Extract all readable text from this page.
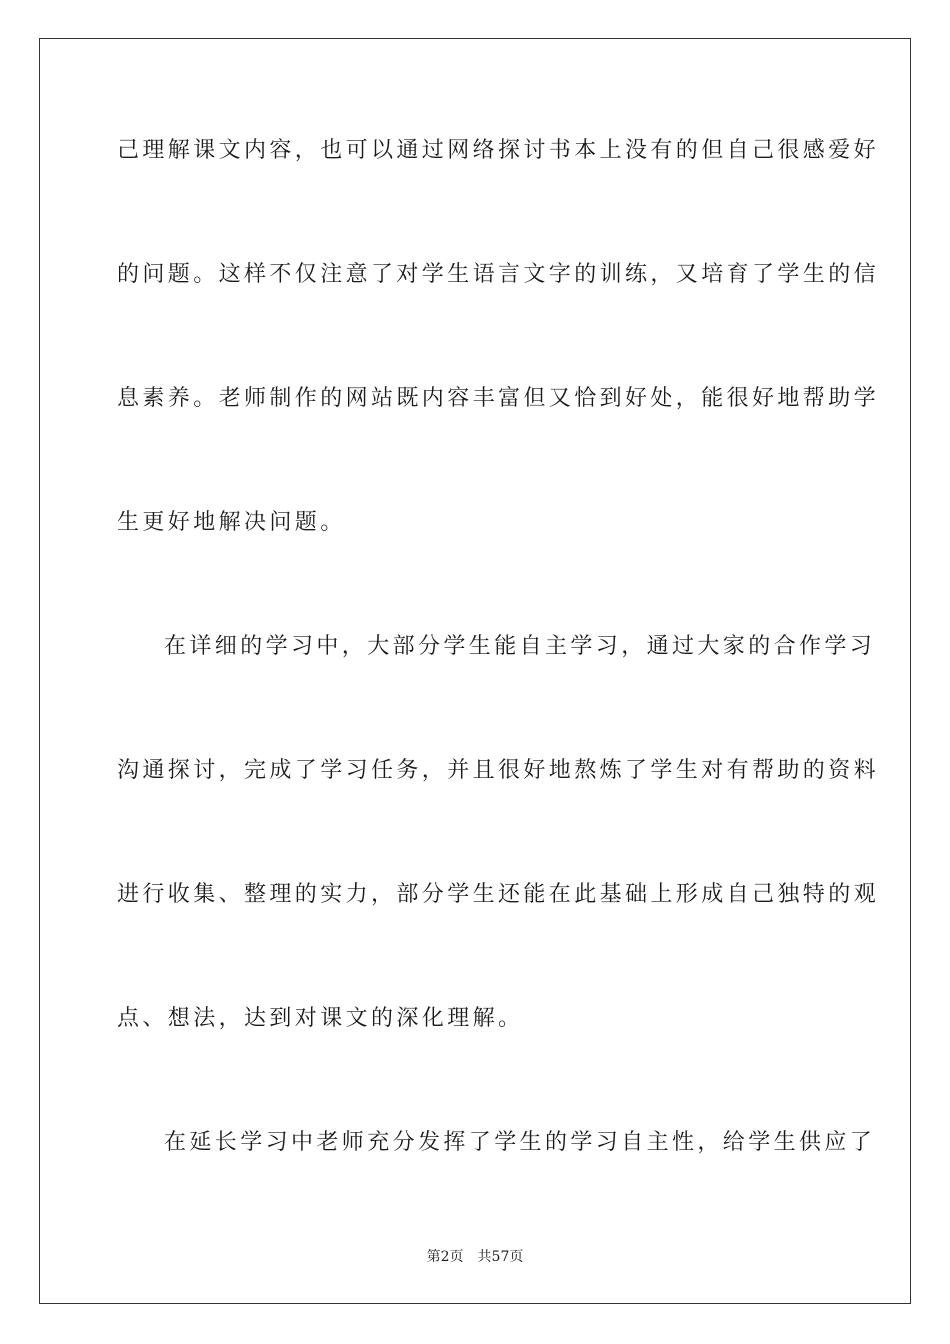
己理解课文内容，也可以通过网络探讨书本上没有的但自己很感爱好
的问题。这样不仅注意了对学生语言文字的训练，又培育了学生的信
息素养。老师制作的网站既内容丰富但又恰到好处，能很好地帮助学
生更好地解决问题。
在详细的学习中，大部分学生能自主学习，通过大家的合作学习
沟通探讨，完成了学习任务，并且很好地熬炼了学生对有帮助的资料
进行收集、整理的实力，部分学生还能在此基础上形成自己独特的观
点、想法，达到对课文的深化理解。
在延长学习中老师充分发挥了学生的学习自主性，给学生供应了
第2页 共57页
